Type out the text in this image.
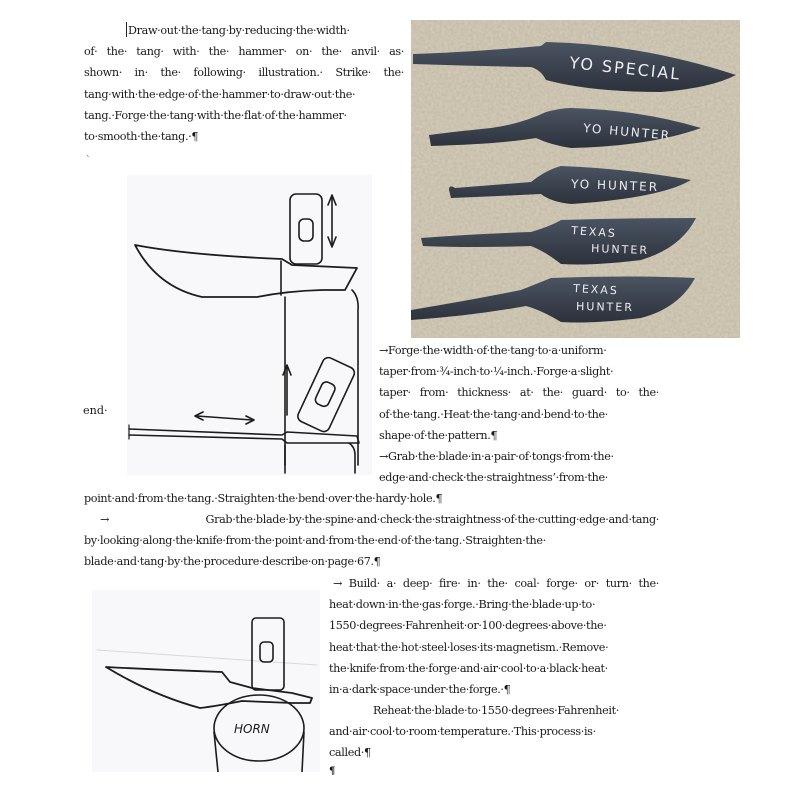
Draw·out·the·tang·by·reducing·the·width·
of· the· tang· with· the· hammer· on· the· anvil· as·
shown· in· the· following· illustration.· Strike· the·
tang·with·the·edge·of·the·hammer·to·draw·out·the·
tang.·Forge·the·tang·with·the·flat·of·the·hammer·
to·smooth·the·tang.·¶
`
YO SPECIAL
YO HUNTER
YO HUNTER
TEXAS
HUNTER
TEXAS
HUNTER
end·
→Forge·the·width·of·the·tang·to·a·uniform·
taper·from·¾-inch·to·¼-inch.·Forge·a·slight·
taper· from· thickness· at· the· guard· to· the·
of·the·tang.·Heat·the·tang·and·bend·to·the·
shape·of·the·pattern.¶
→Grab·the·blade·in·a·pair·of·tongs·from·the·
edge·and·check·the·straightness’·from·the·
point·and·from·the·tang.·Straighten·the·bend·over·the·hardy·hole.¶
→     Grab·the·blade·by·the·spine·and·check·the·straightness·of·the·cutting·edge·and·tang·
by·looking·along·the·knife·from·the·point·and·from·the·end·of·the·tang.·Straighten·the·
blade·and·tang·by·the·procedure·describe·on·page·67.¶
HORN
→ Build· a· deep· fire· in· the· coal· forge· or· turn· the·
heat·down·in·the·gas·forge.·Bring·the·blade·up·to·
1550·degrees·Fahrenheit·or·100·degrees·above·the·
heat·that·the·hot·steel·loses·its·magnetism.·Remove·
the·knife·from·the·forge·and·air·cool·to·a·black·heat·
in·a·dark·space·under·the·forge.·¶
Reheat·the·blade·to·1550·degrees·Fahrenheit·
and·air·cool·to·room·temperature.·This·process·is·
called·¶
¶
